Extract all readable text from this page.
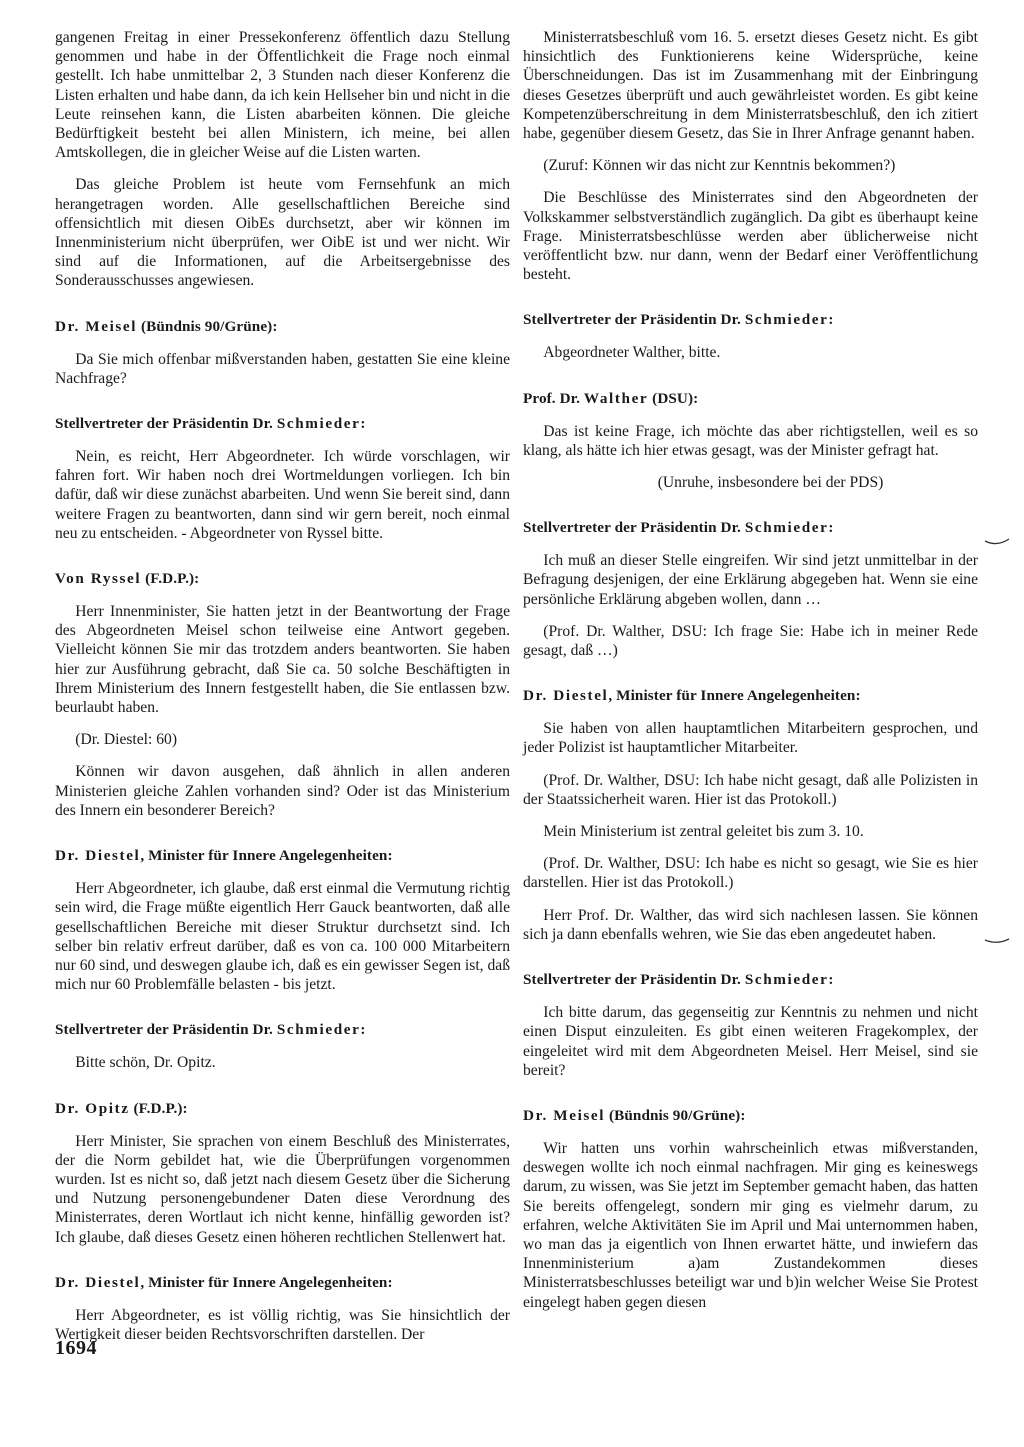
gangenen Freitag in einer Pressekonferenz öffentlich dazu Stellung genommen und habe in der Öffentlichkeit die Frage noch einmal gestellt. Ich habe unmittelbar 2, 3 Stunden nach dieser Konferenz die Listen erhalten und habe dann, da ich kein Hellseher bin und nicht in die Leute reinsehen kann, die Listen abarbeiten können. Die gleiche Bedürftigkeit besteht bei allen Ministern, ich meine, bei allen Amtskollegen, die in gleicher Weise auf die Listen warten.

Das gleiche Problem ist heute vom Fernsehfunk an mich herangetragen worden. Alle gesellschaftlichen Bereiche sind offensichtlich mit diesen OibEs durchsetzt, aber wir können im Innenministerium nicht überprüfen, wer OibE ist und wer nicht. Wir sind auf die Informationen, auf die Arbeitsergebnisse des Sonderausschusses angewiesen.

Dr. Meisel (Bündnis 90/Grüne):

Da Sie mich offenbar mißverstanden haben, gestatten Sie eine kleine Nachfrage?

Stellvertreter der Präsidentin Dr. Schmieder:

Nein, es reicht, Herr Abgeordneter. Ich würde vorschlagen, wir fahren fort. Wir haben noch drei Wortmeldungen vorliegen. Ich bin dafür, daß wir diese zunächst abarbeiten. Und wenn Sie bereit sind, dann weitere Fragen zu beantworten, dann sind wir gern bereit, noch einmal neu zu entscheiden. - Abgeordneter von Ryssel bitte.

Von Ryssel (F.D.P.):

Herr Innenminister, Sie hatten jetzt in der Beantwortung der Frage des Abgeordneten Meisel schon teilweise eine Antwort gegeben. Vielleicht können Sie mir das trotzdem anders beantworten. Sie haben hier zur Ausführung gebracht, daß Sie ca. 50 solche Beschäftigten in Ihrem Ministerium des Innern festgestellt haben, die Sie entlassen bzw. beurlaubt haben.

(Dr. Diestel: 60)

Können wir davon ausgehen, daß ähnlich in allen anderen Ministerien gleiche Zahlen vorhanden sind? Oder ist das Ministerium des Innern ein besonderer Bereich?

Dr. Diestel, Minister für Innere Angelegenheiten:

Herr Abgeordneter, ich glaube, daß erst einmal die Vermutung richtig sein wird, die Frage müßte eigentlich Herr Gauck beantworten, daß alle gesellschaftlichen Bereiche mit dieser Struktur durchsetzt sind. Ich selber bin relativ erfreut darüber, daß es von ca. 100 000 Mitarbeitern nur 60 sind, und deswegen glaube ich, daß es ein gewisser Segen ist, daß mich nur 60 Problemfälle belasten - bis jetzt.

Stellvertreter der Präsidentin Dr. Schmieder:

Bitte schön, Dr. Opitz.

Dr. Opitz (F.D.P.):

Herr Minister, Sie sprachen von einem Beschluß des Ministerrates, der die Norm gebildet hat, wie die Überprüfungen vorgenommen wurden. Ist es nicht so, daß jetzt nach diesem Gesetz über die Sicherung und Nutzung personengebundener Daten diese Verordnung des Ministerrates, deren Wortlaut ich nicht kenne, hinfällig geworden ist? Ich glaube, daß dieses Gesetz einen höheren rechtlichen Stellenwert hat.

Dr. Diestel, Minister für Innere Angelegenheiten:

Herr Abgeordneter, es ist völlig richtig, was Sie hinsichtlich der Wertigkeit dieser beiden Rechtsvorschriften darstellen. Der

Ministerratsbeschluß vom 16. 5. ersetzt dieses Gesetz nicht. Es gibt hinsichtlich des Funktionierens keine Widersprüche, keine Überschneidungen. Das ist im Zusammenhang mit der Einbringung dieses Gesetzes überprüft und auch gewährleistet worden. Es gibt keine Kompetenzüberschreitung in dem Ministerratsbeschluß, den ich zitiert habe, gegenüber diesem Gesetz, das Sie in Ihrer Anfrage genannt haben.

(Zuruf: Können wir das nicht zur Kenntnis bekommen?)

Die Beschlüsse des Ministerrates sind den Abgeordneten der Volkskammer selbstverständlich zugänglich. Da gibt es überhaupt keine Frage. Ministerratsbeschlüsse werden aber üblicherweise nicht veröffentlicht bzw. nur dann, wenn der Bedarf einer Veröffentlichung besteht.

Stellvertreter der Präsidentin Dr. Schmieder:

Abgeordneter Walther, bitte.

Prof. Dr. Walther (DSU):

Das ist keine Frage, ich möchte das aber richtigstellen, weil es so klang, als hätte ich hier etwas gesagt, was der Minister gefragt hat.

(Unruhe, insbesondere bei der PDS)

Stellvertreter der Präsidentin Dr. Schmieder:

Ich muß an dieser Stelle eingreifen. Wir sind jetzt unmittelbar in der Befragung desjenigen, der eine Erklärung abgegeben hat. Wenn sie eine persönliche Erklärung abgeben wollen, dann …

(Prof. Dr. Walther, DSU: Ich frage Sie: Habe ich in meiner Rede gesagt, daß …)

Dr. Diestel, Minister für Innere Angelegenheiten:

Sie haben von allen hauptamtlichen Mitarbeitern gesprochen, und jeder Polizist ist hauptamtlicher Mitarbeiter.

(Prof. Dr. Walther, DSU: Ich habe nicht gesagt, daß alle Polizisten in der Staatssicherheit waren. Hier ist das Protokoll.)

Mein Ministerium ist zentral geleitet bis zum 3. 10.

(Prof. Dr. Walther, DSU: Ich habe es nicht so gesagt, wie Sie es hier darstellen. Hier ist das Protokoll.)

Herr Prof. Dr. Walther, das wird sich nachlesen lassen. Sie können sich ja dann ebenfalls wehren, wie Sie das eben angedeutet haben.

Stellvertreter der Präsidentin Dr. Schmieder:

Ich bitte darum, das gegenseitig zur Kenntnis zu nehmen und nicht einen Disput einzuleiten. Es gibt einen weiteren Fragekomplex, der eingeleitet wird mit dem Abgeordneten Meisel. Herr Meisel, sind sie bereit?

Dr. Meisel (Bündnis 90/Grüne):

Wir hatten uns vorhin wahrscheinlich etwas mißverstanden, deswegen wollte ich noch einmal nachfragen. Mir ging es keineswegs darum, zu wissen, was Sie jetzt im September gemacht haben, das hatten Sie bereits offengelegt, sondern mir ging es vielmehr darum, zu erfahren, welche Aktivitäten Sie im April und Mai unternommen haben, wo man das ja eigentlich von Ihnen erwartet hätte, und inwiefern das Innenministerium a)am Zustandekommen dieses Ministerratsbeschlusses beteiligt war und b)in welcher Weise Sie Protest eingelegt haben gegen diesen

1694
